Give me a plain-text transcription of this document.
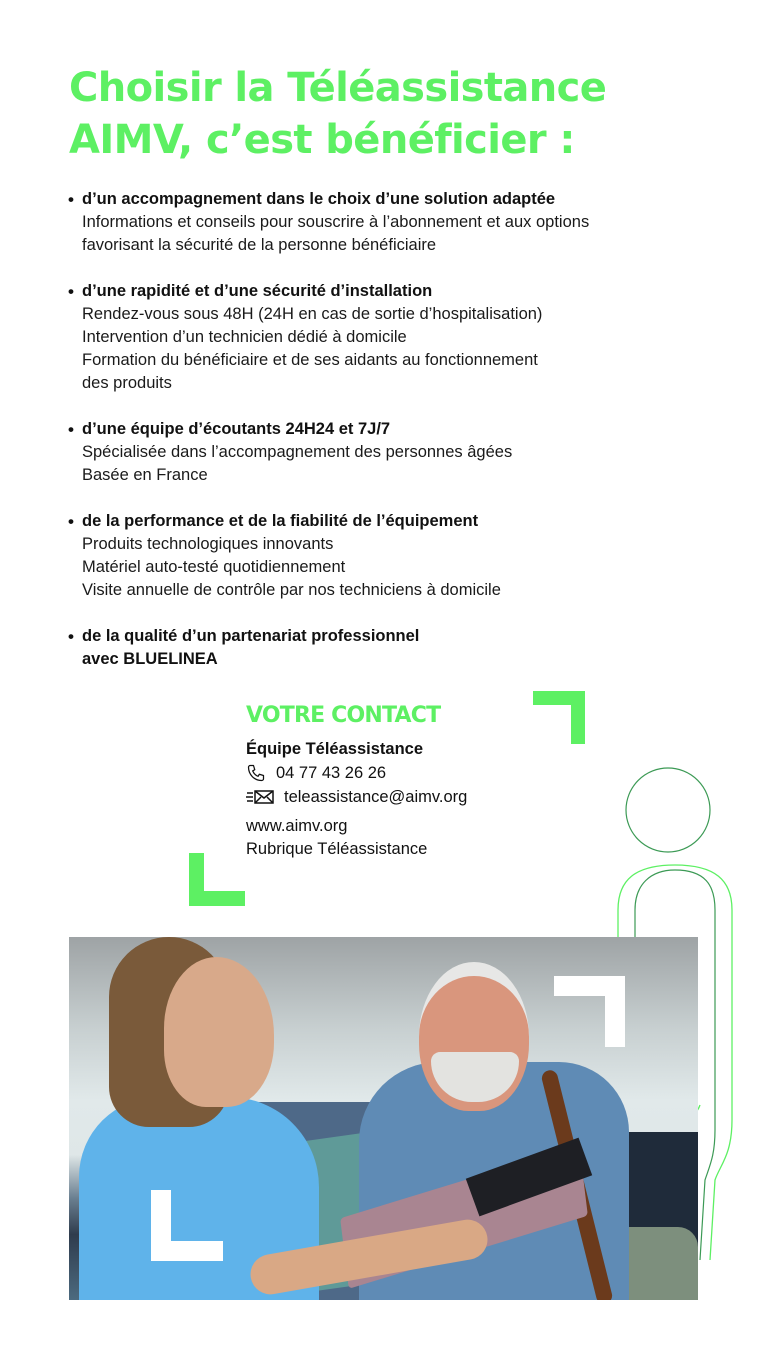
Choisir la Téléassistance
AIMV, c’est bénéficier :
• d’un accompagnement dans le choix d’une solution adaptée
Informations et conseils pour souscrire à l’abonnement et aux options
favorisant la sécurité de la personne bénéficiaire
• d’une rapidité et d’une sécurité d’installation
Rendez-vous sous 48H (24H en cas de sortie d’hospitalisation)
Intervention d’un technicien dédié à domicile
Formation du bénéficiaire et de ses aidants au fonctionnement
des produits
• d’une équipe d’écoutants 24H24 et 7J/7
Spécialisée dans l’accompagnement des personnes âgées
Basée en France
• de la performance et de la fiabilité de l’équipement
Produits technologiques innovants
Matériel auto-testé quotidiennement
Visite annuelle de contrôle par nos techniciens à domicile
• de la qualité d’un partenariat professionnel
avec BLUELINEA
VOTRE CONTACT
Équipe Téléassistance
04 77 43 26 26
teleassistance@aimv.org
www.aimv.org
Rubrique Téléassistance
